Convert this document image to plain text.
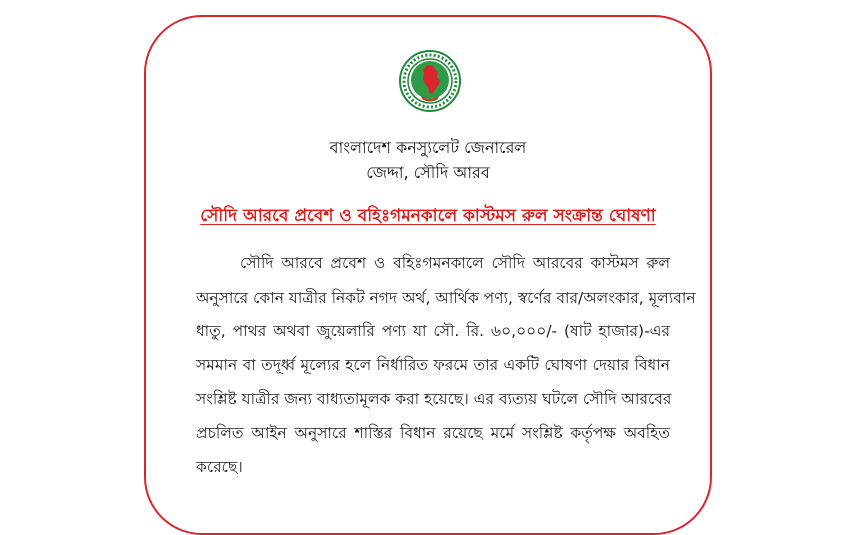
বাংলাদেশ কনস্যুলেট জেনারেল
জেদ্দা, সৌদি আরব
সৌদি আরবে প্রবেশ ও বহিঃগমনকালে কাস্টমস রুল সংক্রান্ত ঘোষণা
সৌদি আরবে প্রবেশ ও বহিঃগমনকালে সৌদি আরবের কাস্টমস রুল
অনুসারে কোন যাত্রীর নিকট নগদ অর্থ, আর্থিক পণ্য, স্বর্ণের বার/অলংকার, মূল্যবান
ধাতু, পাথর অথবা জুয়েলারি পণ্য যা সৌ. রি. ৬০,০০০/- (ষাট হাজার)-এর
সমমান বা তদূর্ধ্ব মূল্যের হলে নির্ধারিত ফরমে তার একটি ঘোষণা দেয়ার বিধান
সংশ্লিষ্ট যাত্রীর জন্য বাধ্যতামূলক করা হয়েছে। এর ব্যত্যয় ঘটলে সৌদি আরবের
প্রচলিত আইন অনুসারে শাস্তির বিধান রয়েছে মর্মে সংশ্লিষ্ট কর্তৃপক্ষ অবহিত
করেছে।
